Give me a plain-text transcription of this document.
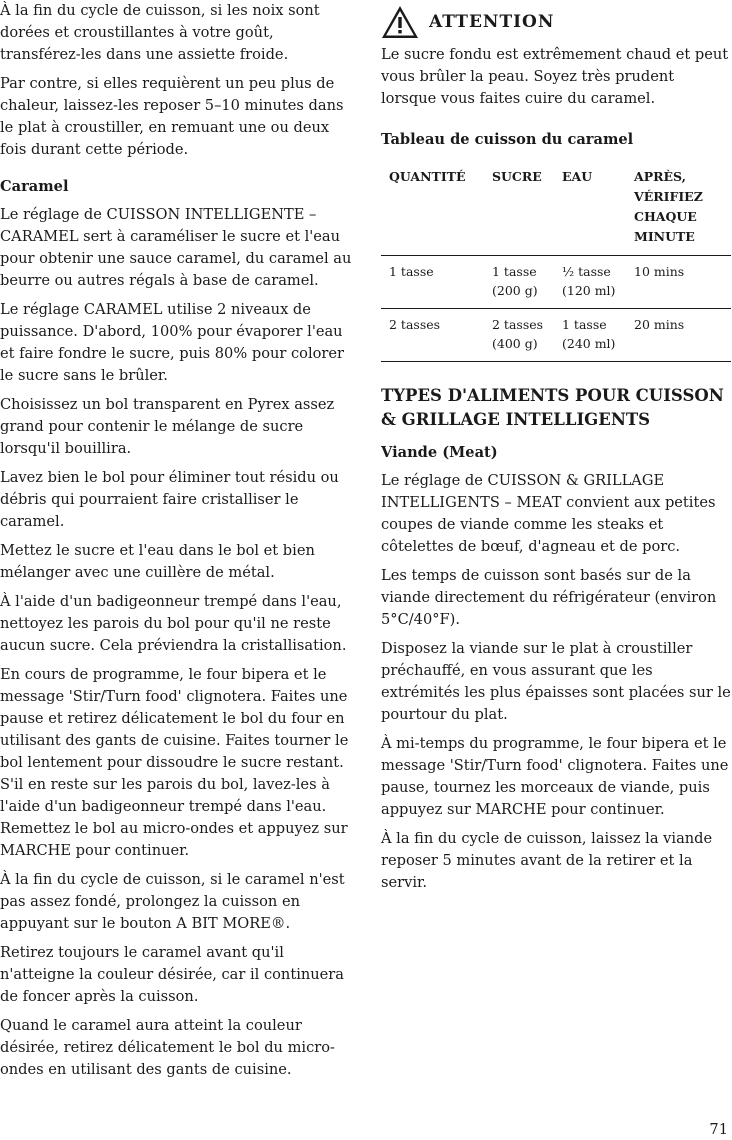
À la fin du cycle de cuisson, si les noix sont dorées et croustillantes à votre goût, transférez-les dans une assiette froide.

Par contre, si elles requièrent un peu plus de chaleur, laissez-les reposer 5–10 minutes dans le plat à croustiller, en remuant une ou deux fois durant cette période.

Caramel

Le réglage de CUISSON INTELLIGENTE – CARAMEL sert à caraméliser le sucre et l'eau pour obtenir une sauce caramel, du caramel au beurre ou autres régals à base de caramel.

Le réglage CARAMEL utilise 2 niveaux de puissance. D'abord, 100% pour évaporer l'eau et faire fondre le sucre, puis 80% pour colorer le sucre sans le brûler.

Choisissez un bol transparent en Pyrex assez grand pour contenir le mélange de sucre lorsqu'il bouillira.

Lavez bien le bol pour éliminer tout résidu ou débris qui pourraient faire cristalliser le caramel.

Mettez le sucre et l'eau dans le bol et bien mélanger avec une cuillère de métal.

À l'aide d'un badigeonneur trempé dans l'eau, nettoyez les parois du bol pour qu'il ne reste aucun sucre. Cela préviendra la cristallisation.

En cours de programme, le four bipera et le message 'Stir/Turn food' clignotera. Faites une pause et retirez délicatement le bol du four en utilisant des gants de cuisine. Faites tourner le bol lentement pour dissoudre le sucre restant. S'il en reste sur les parois du bol, lavez-les à l'aide d'un badigeonneur trempé dans l'eau. Remettez le bol au micro-ondes et appuyez sur MARCHE pour continuer.

À la fin du cycle de cuisson, si le caramel n'est pas assez fondé, prolongez la cuisson en appuyant sur le bouton A BIT MORE®.

Retirez toujours le caramel avant qu'il n'atteigne la couleur désirée, car il continuera de foncer après la cuisson.

Quand le caramel aura atteint la couleur désirée, retirez délicatement le bol du micro-ondes en utilisant des gants de cuisine.

ATTENTION

Le sucre fondu est extrêmement chaud et peut vous brûler la peau. Soyez très prudent lorsque vous faites cuire du caramel.

Tableau de cuisson du caramel
QUANTITÉ	SUCRE	EAU	APRÈS, VÉRIFIEZ CHAQUE MINUTE
1 tasse	1 tasse (200 g)	½ tasse (120 ml)	10 mins
2 tasses	2 tasses (400 g)	1 tasse (240 ml)	20 mins
TYPES D'ALIMENTS POUR CUISSON & GRILLAGE INTELLIGENTS
Viande (Meat)

Le réglage de CUISSON & GRILLAGE INTELLIGENTS – MEAT convient aux petites coupes de viande comme les steaks et côtelettes de bœuf, d'agneau et de porc.

Les temps de cuisson sont basés sur de la viande directement du réfrigérateur (environ 5°C/40°F).

Disposez la viande sur le plat à croustiller préchauffé, en vous assurant que les extrémités les plus épaisses sont placées sur le pourtour du plat.

À mi-temps du programme, le four bipera et le message 'Stir/Turn food' clignotera. Faites une pause, tournez les morceaux de viande, puis appuyez sur MARCHE pour continuer.

À la fin du cycle de cuisson, laissez la viande reposer 5 minutes avant de la retirer et la servir.

71
